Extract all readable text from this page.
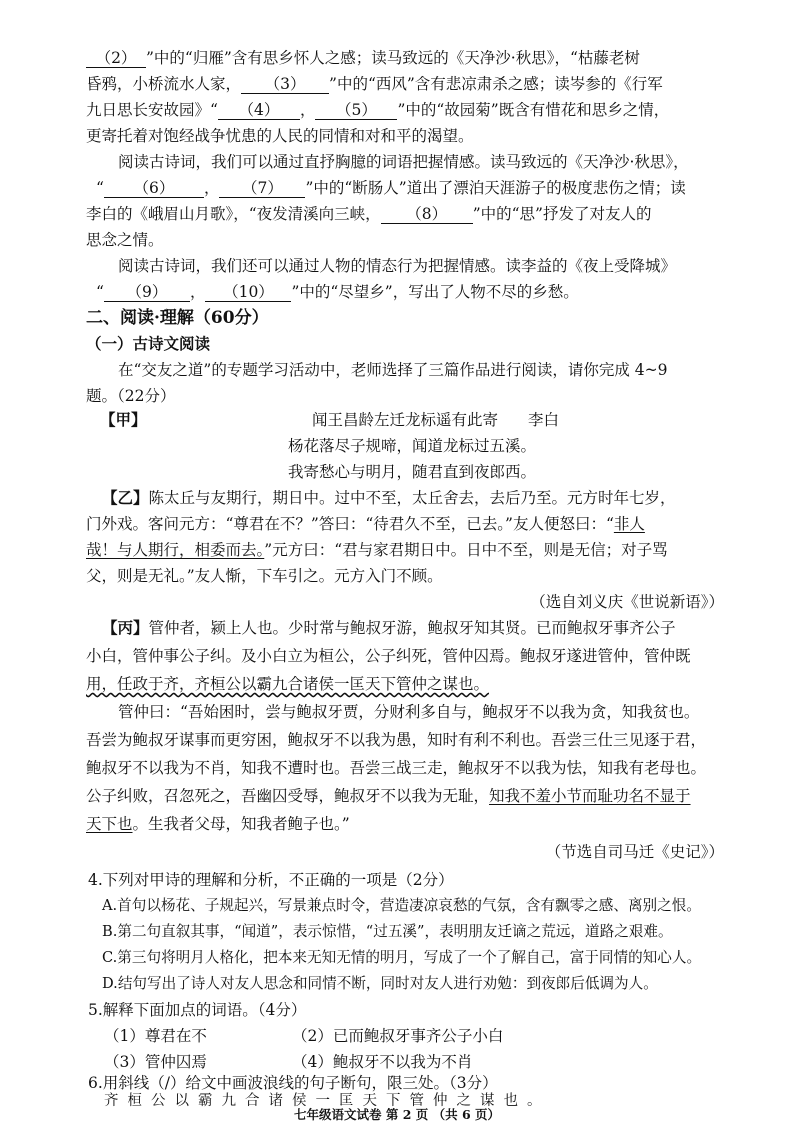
（2） ”中的“归雁”含有思乡怀人之感；读马致远的《天净沙·秋思》，“枯藤老树
昏鸦，小桥流水人家， （3） ”中的“西风”含有悲凉肃杀之感；读岑参的《行军
九日思长安故园》“ （4） ， （5） ”中的“故园菊”既含有惜花和思乡之情，
更寄托着对饱经战争忧患的人民的同情和对和平的渴望。
阅读古诗词，我们可以通过直抒胸臆的词语把握情感。读马致远的《天净沙·秋思》，
“ （6） ， （7） ”中的“断肠人”道出了漂泊天涯游子的极度悲伤之情；读
李白的《峨眉山月歌》，“夜发清溪向三峡， （8） ”中的“思”抒发了对友人的
思念之情。
阅读古诗词，我们还可以通过人物的情态行为把握情感。读李益的《夜上受降城》
“ （9） ， （10） ”中的“尽望乡”，写出了人物不尽的乡愁。
二、阅读·理解（60分）
（一）古诗文阅读
在“交友之道”的专题学习活动中，老师选择了三篇作品进行阅读，请你完成 4~9
题。（22分）
【甲】	闻王昌龄左迁龙标遥有此寄 李白
杨花落尽子规啼，闻道龙标过五溪。
我寄愁心与明月，随君直到夜郎西。
【乙】陈太丘与友期行，期日中。过中不至，太丘舍去，去后乃至。元方时年七岁，
门外戏。客问元方：“尊君在不？”答曰：“待君久不至，已去。”友人便怒曰：“非人
哉！与人期行，相委而去。”元方曰：“君与家君期日中。日中不至，则是无信；对子骂
父，则是无礼。”友人惭，下车引之。元方入门不顾。
（选自刘义庆《世说新语》）
【丙】管仲者，颍上人也。少时常与鲍叔牙游，鲍叔牙知其贤。已而鲍叔牙事齐公子
小白，管仲事公子纠。及小白立为桓公，公子纠死，管仲囚焉。鲍叔牙遂进管仲，管仲既
用，任政于齐，齐桓公以霸九合诸侯一匡天下管仲之谋也。
管仲曰：“吾始困时，尝与鲍叔牙贾，分财利多自与，鲍叔牙不以我为贪，知我贫也。
吾尝为鲍叔牙谋事而更穷困，鲍叔牙不以我为愚，知时有利不利也。吾尝三仕三见逐于君，
鲍叔牙不以我为不肖，知我不遭时也。吾尝三战三走，鲍叔牙不以我为怯，知我有老母也。
公子纠败，召忽死之，吾幽囚受辱，鲍叔牙不以我为无耻，知我不羞小节而耻功名不显于
天下也。生我者父母，知我者鲍子也。”
（节选自司马迁《史记》）
4.下列对甲诗的理解和分析，不正确的一项是（2分）
A.首句以杨花、子规起兴，写景兼点时令，营造凄凉哀愁的气氛，含有飘零之感、离别之恨。
B.第二句直叙其事，“闻道”，表示惊惜，“过五溪”，表明朋友迁谪之荒远，道路之艰难。
C.第三句将明月人格化，把本来无知无情的明月，写成了一个了解自己，富于同情的知心人。
D.结句写出了诗人对友人思念和同情不断，同时对友人进行劝勉：到夜郎后低调为人。
5.解释下面加点的词语。（4分）
（1）尊君在不	（2）已而鲍叔牙事齐公子小白
（3）管仲囚焉	（4）鲍叔牙不以我为不肖
6.用斜线（/）给文中画波浪线的句子断句，限三处。（3分）
齐桓公以霸九合诸侯一匡天下管仲之谋也。
七年级语文试卷 第 2 页 （共 6 页）
